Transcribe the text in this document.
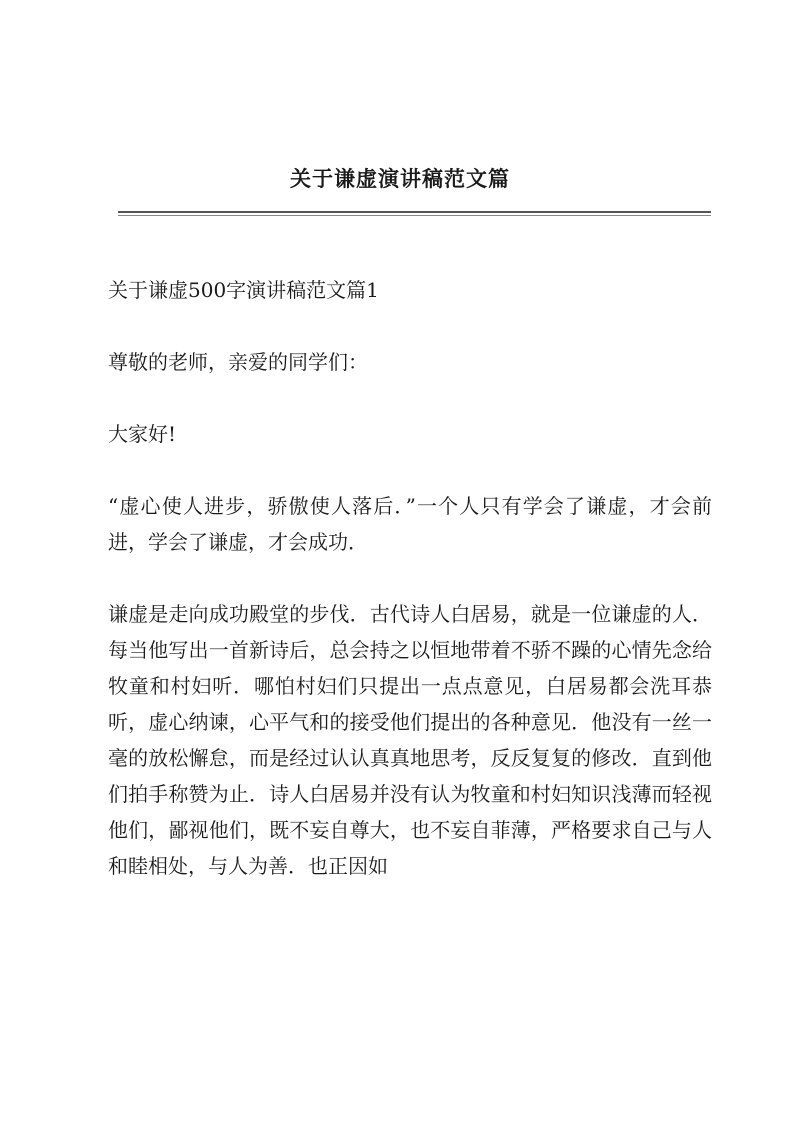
关于谦虚演讲稿范文篇

关于谦虚500字演讲稿范文篇1

尊敬的老师，亲爱的同学们：

大家好!

“虚心使人进步，骄傲使人落后．”一个人只有学会了谦虚，才会前进，学会了谦虚，才会成功．

谦虚是走向成功殿堂的步伐．古代诗人白居易，就是一位谦虚的人．每当他写出一首新诗后，总会持之以恒地带着不骄不躁的心情先念给牧童和村妇听．哪怕村妇们只提出一点点意见，白居易都会洗耳恭听，虚心纳谏，心平气和的接受他们提出的各种意见．他没有一丝一毫的放松懈怠，而是经过认认真真地思考，反反复复的修改．直到他们拍手称赞为止．诗人白居易并没有认为牧童和村妇知识浅薄而轻视他们，鄙视他们，既不妄自尊大，也不妄自菲薄，严格要求自己与人和睦相处，与人为善．也正因如
